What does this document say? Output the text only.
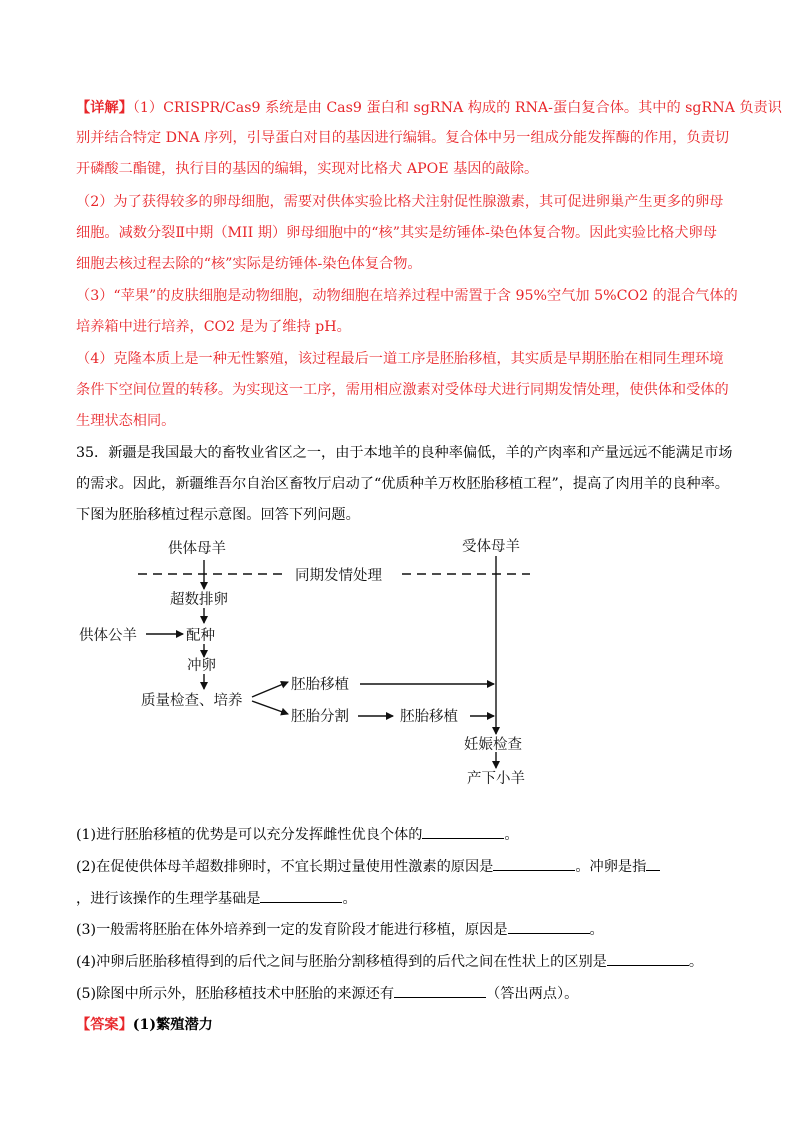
【详解】（1）CRISPR/Cas9 系统是由 Cas9 蛋白和 sgRNA 构成的 RNA-蛋白复合体。其中的 sgRNA 负责识
别并结合特定 DNA 序列，引导蛋白对目的基因进行编辑。复合体中另一组成分能发挥酶的作用，负责切
开磷酸二酯键，执行目的基因的编辑，实现对比格犬 APOE 基因的敲除。
（2）为了获得较多的卵母细胞，需要对供体实验比格犬注射促性腺激素，其可促进卵巢产生更多的卵母
细胞。减数分裂Ⅱ中期（MII 期）卵母细胞中的“核”其实是纺锤体-染色体复合物。因此实验比格犬卵母
细胞去核过程去除的“核”实际是纺锤体-染色体复合物。
（3）“苹果”的皮肤细胞是动物细胞，动物细胞在培养过程中需置于含 95%空气加 5%CO2 的混合气体的
培养箱中进行培养，CO2 是为了维持 pH。
（4）克隆本质上是一种无性繁殖，该过程最后一道工序是胚胎移植，其实质是早期胚胎在相同生理环境
条件下空间位置的转移。为实现这一工序，需用相应激素对受体母犬进行同期发情处理，使供体和受体的
生理状态相同。
35．新疆是我国最大的畜牧业省区之一，由于本地羊的良种率偏低，羊的产肉率和产量远远不能满足市场
的需求。因此，新疆维吾尔自治区畜牧厅启动了“优质种羊万枚胚胎移植工程”，提高了肉用羊的良种率。
下图为胚胎移植过程示意图。回答下列问题。
供体母羊	受体母羊
同期发情处理
超数排卵
供体公羊	配种
冲卵
质量检查、培养
胚胎移植
胚胎分割	胚胎移植
妊娠检查
产下小羊
(1)进行胚胎移植的优势是可以充分发挥雌性优良个体的	。
(2)在促使供体母羊超数排卵时，不宜长期过量使用性激素的原因是	。冲卵是指
，进行该操作的生理学基础是	。
(3)一般需将胚胎在体外培养到一定的发育阶段才能进行移植，原因是	。
(4)冲卵后胚胎移植得到的后代之间与胚胎分割移植得到的后代之间在性状上的区别是	。
(5)除图中所示外，胚胎移植技术中胚胎的来源还有	（答出两点）。
【答案】(1)繁殖潜力
